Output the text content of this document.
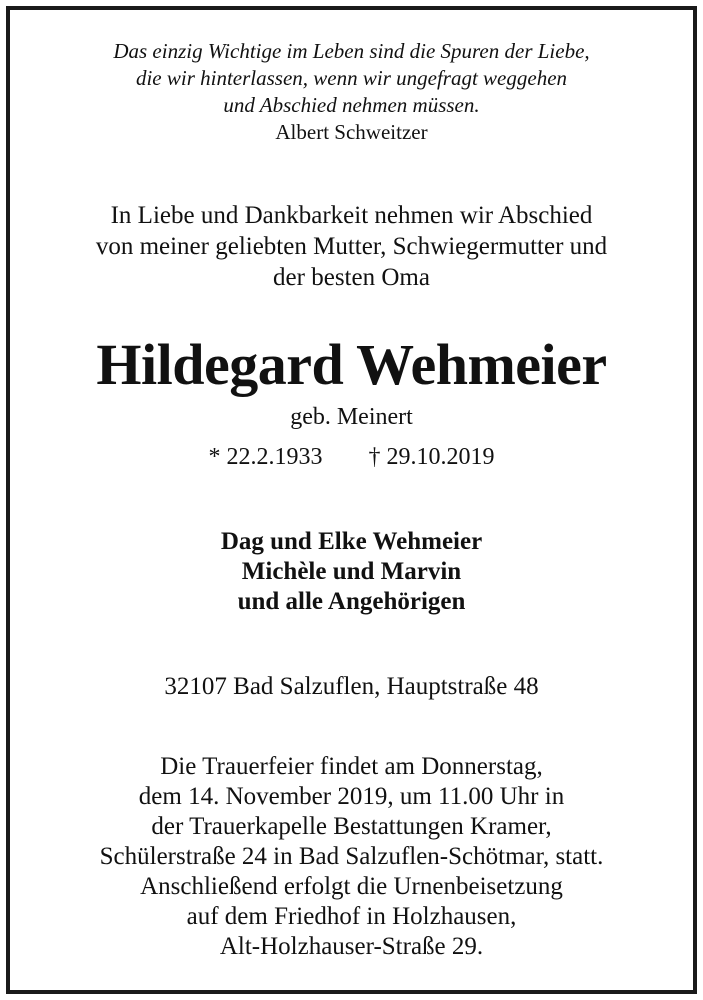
Das einzig Wichtige im Leben sind die Spuren der Liebe,
die wir hinterlassen, wenn wir ungefragt weggehen
und Abschied nehmen müssen.
Albert Schweitzer
In Liebe und Dankbarkeit nehmen wir Abschied
von meiner geliebten Mutter, Schwiegermutter und
der besten Oma
Hildegard Wehmeier
geb. Meinert
* 22.2.1933 † 29.10.2019
Dag und Elke Wehmeier
Michèle und Marvin
und alle Angehörigen
32107 Bad Salzuflen, Hauptstraße 48
Die Trauerfeier findet am Donnerstag,
dem 14. November 2019, um 11.00 Uhr in
der Trauerkapelle Bestattungen Kramer,
Schülerstraße 24 in Bad Salzuflen-Schötmar, statt.
Anschließend erfolgt die Urnenbeisetzung
auf dem Friedhof in Holzhausen,
Alt-Holzhauser-Straße 29.
